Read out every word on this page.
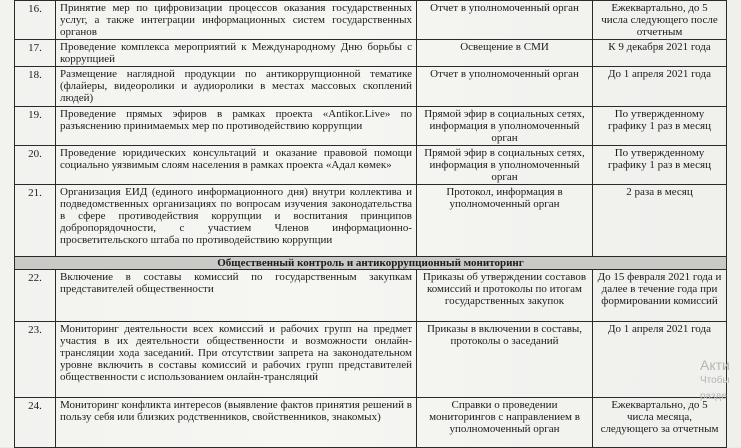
16.	Принятие мер по цифровизации процессов оказания государственных услуг, а также интеграции информационных систем государственных органов	Отчет в уполномоченный орган	Ежеквартально, до 5 числа следующего после отчетным
17.	Проведение комплекса мероприятий к Международному Дню борьбы с коррупцией	Освещение в СМИ	К 9 декабря 2021 года
18.	Размещение наглядной продукции по антикоррупционной тематике (флайеры, видеоролики и аудиоролики в местах массовых скоплений людей)	Отчет в уполномоченный орган	До 1 апреля 2021 года
19.	Проведение прямых эфиров в рамках проекта «Antikor.Live» по разъяснению принимаемых мер по противодействию коррупции	Прямой эфир в социальных сетях, информация в уполномоченный орган	По утвержденному графику 1 раз в месяц
20.	Проведение юридических консультаций и оказание правовой помощи социально уязвимым слоям населения в рамках проекта «Адал көмек»	Прямой эфир в социальных сетях, информация в уполномоченный орган	По утвержденному графику 1 раз в месяц
21.	Организация ЕИД (единого информационного дня) внутри коллектива и подведомственных организациях по вопросам изучения законодательства в сфере противодействия коррупции и воспитания принципов добропорядочности, с участием Членов информационно-просветительского штаба по противодействию коррупции	Протокол, информация в уполномоченный орган	2 раза в месяц
Общественный контроль и антикоррупционный мониторинг			
22.	Включение в составы комиссий по государственным закупкам представителей общественности	Приказы об утверждении составов комиссий и протоколы по итогам государственных закупок	До 15 февраля 2021 года и далее в течение года при формировании комиссий
23.	Мониторинг деятельности всех комиссий и рабочих групп на предмет участия в их деятельности общественности и возможности онлайн-трансляции хода заседаний. При отсутствии запрета на законодательном уровне включить в составы комиссий и рабочих групп представителей общественности с использованием онлайн-трансляций	Приказы в включении в составы, протоколы о заседаний	До 1 апреля 2021 года
24.	Мониторинг конфликта интересов (выявление фактов принятия решений в пользу себя или близких родственников, свойственников, знакомых)	Справки о проведении мониторингов с направлением в уполномоченный орган	Ежеквартально, до 5 числа месяца, следующего за отчетным
Акти
Чтобы
разде
